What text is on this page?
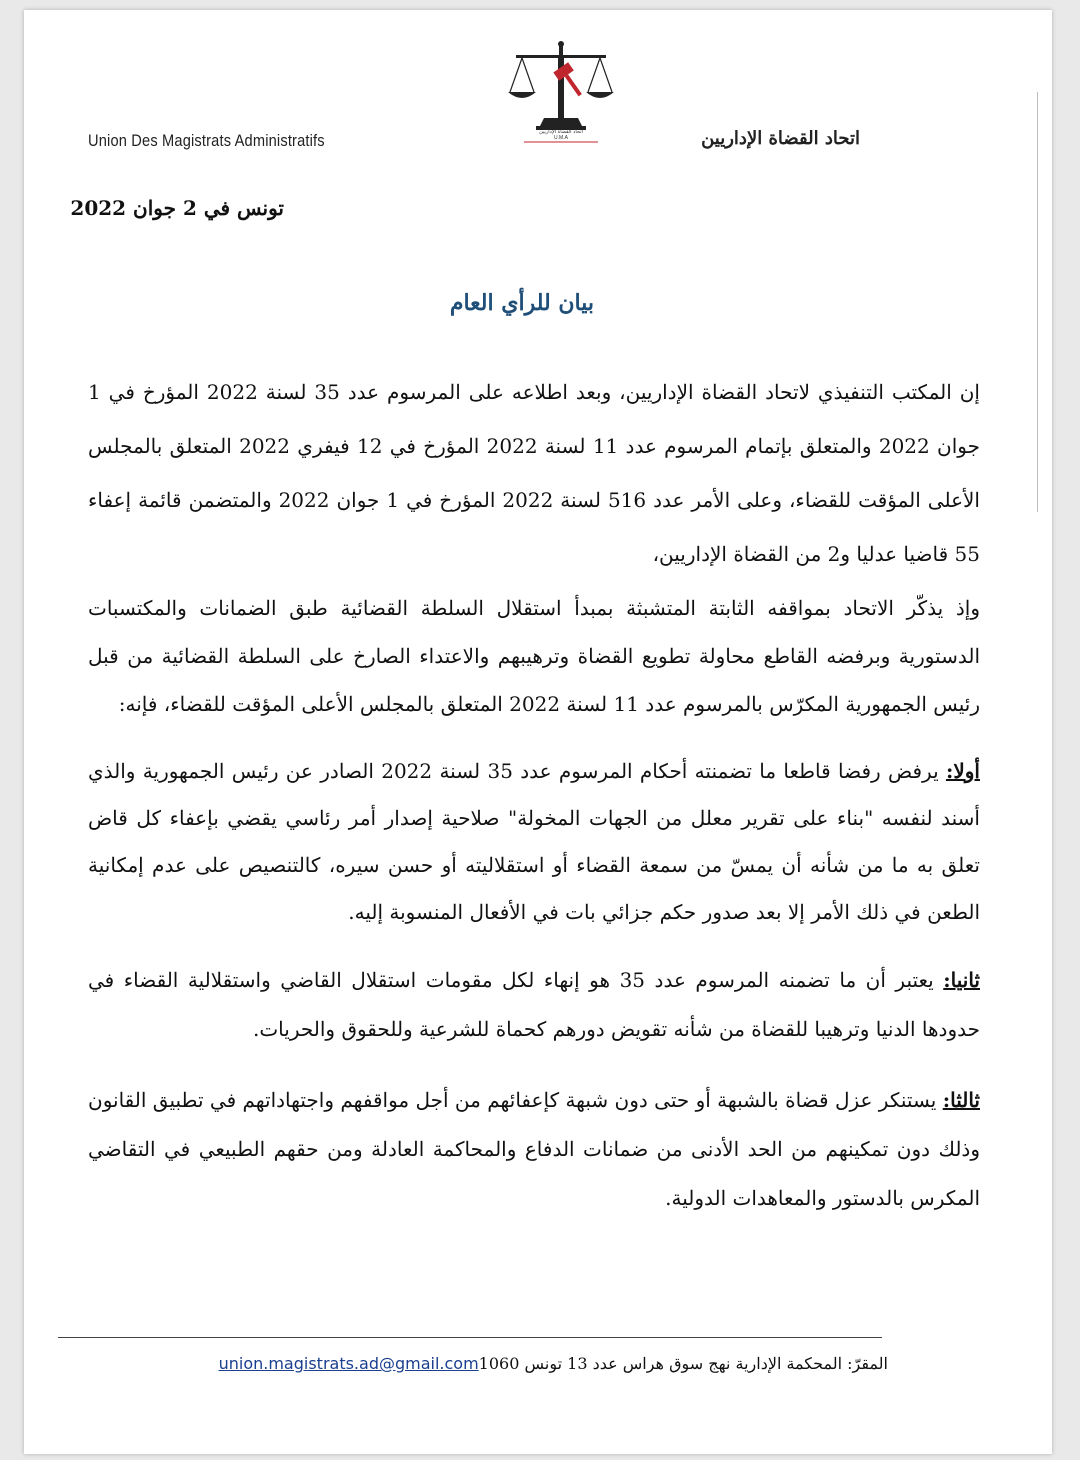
اتحاد القضاة الإداريين
U.M.A
Union Des Magistrats Administratifs	اتحاد القضاة الإداريين
تونس في 2 جوان 2022
بيان للرأي العام
إن المكتب التنفيذي لاتحاد القضاة الإداريين، وبعد اطلاعه على المرسوم عدد 35 لسنة 2022 المؤرخ في 1 جوان 2022 والمتعلق بإتمام المرسوم عدد 11 لسنة 2022 المؤرخ في 12 فيفري 2022 المتعلق بالمجلس الأعلى المؤقت للقضاء، وعلى الأمر عدد 516 لسنة 2022 المؤرخ في 1 جوان 2022 والمتضمن قائمة إعفاء 55 قاضيا عدليا و2 من القضاة الإداريين،
وإذ يذكّر الاتحاد بمواقفه الثابتة المتشبثة بمبدأ استقلال السلطة القضائية طبق الضمانات والمكتسبات الدستورية وبرفضه القاطع محاولة تطويع القضاة وترهيبهم والاعتداء الصارخ على السلطة القضائية من قبل رئيس الجمهورية المكرّس بالمرسوم عدد 11 لسنة 2022 المتعلق بالمجلس الأعلى المؤقت للقضاء، فإنه:
أولا: يرفض رفضا قاطعا ما تضمنته أحكام المرسوم عدد 35 لسنة 2022 الصادر عن رئيس الجمهورية والذي أسند لنفسه "بناء على تقرير معلل من الجهات المخولة" صلاحية إصدار أمر رئاسي يقضي بإعفاء كل قاض تعلق به ما من شأنه أن يمسّ من سمعة القضاء أو استقلاليته أو حسن سيره، كالتنصيص على عدم إمكانية الطعن في ذلك الأمر إلا بعد صدور حكم جزائي بات في الأفعال المنسوبة إليه.
ثانيا: يعتبر أن ما تضمنه المرسوم عدد 35 هو إنهاء لكل مقومات استقلال القاضي واستقلالية القضاء في حدودها الدنيا وترهيبا للقضاة من شأنه تقويض دورهم كحماة للشرعية وللحقوق والحريات.
ثالثا: يستنكر عزل قضاة بالشبهة أو حتى دون شبهة كإعفائهم من أجل مواقفهم واجتهاداتهم في تطبيق القانون وذلك دون تمكينهم من الحد الأدنى من ضمانات الدفاع والمحاكمة العادلة ومن حقهم الطبيعي في التقاضي المكرس بالدستور والمعاهدات الدولية.
المقرّ: المحكمة الإدارية نهج سوق هراس عدد 13 تونس 1060union.magistrats.ad@gmail.com
